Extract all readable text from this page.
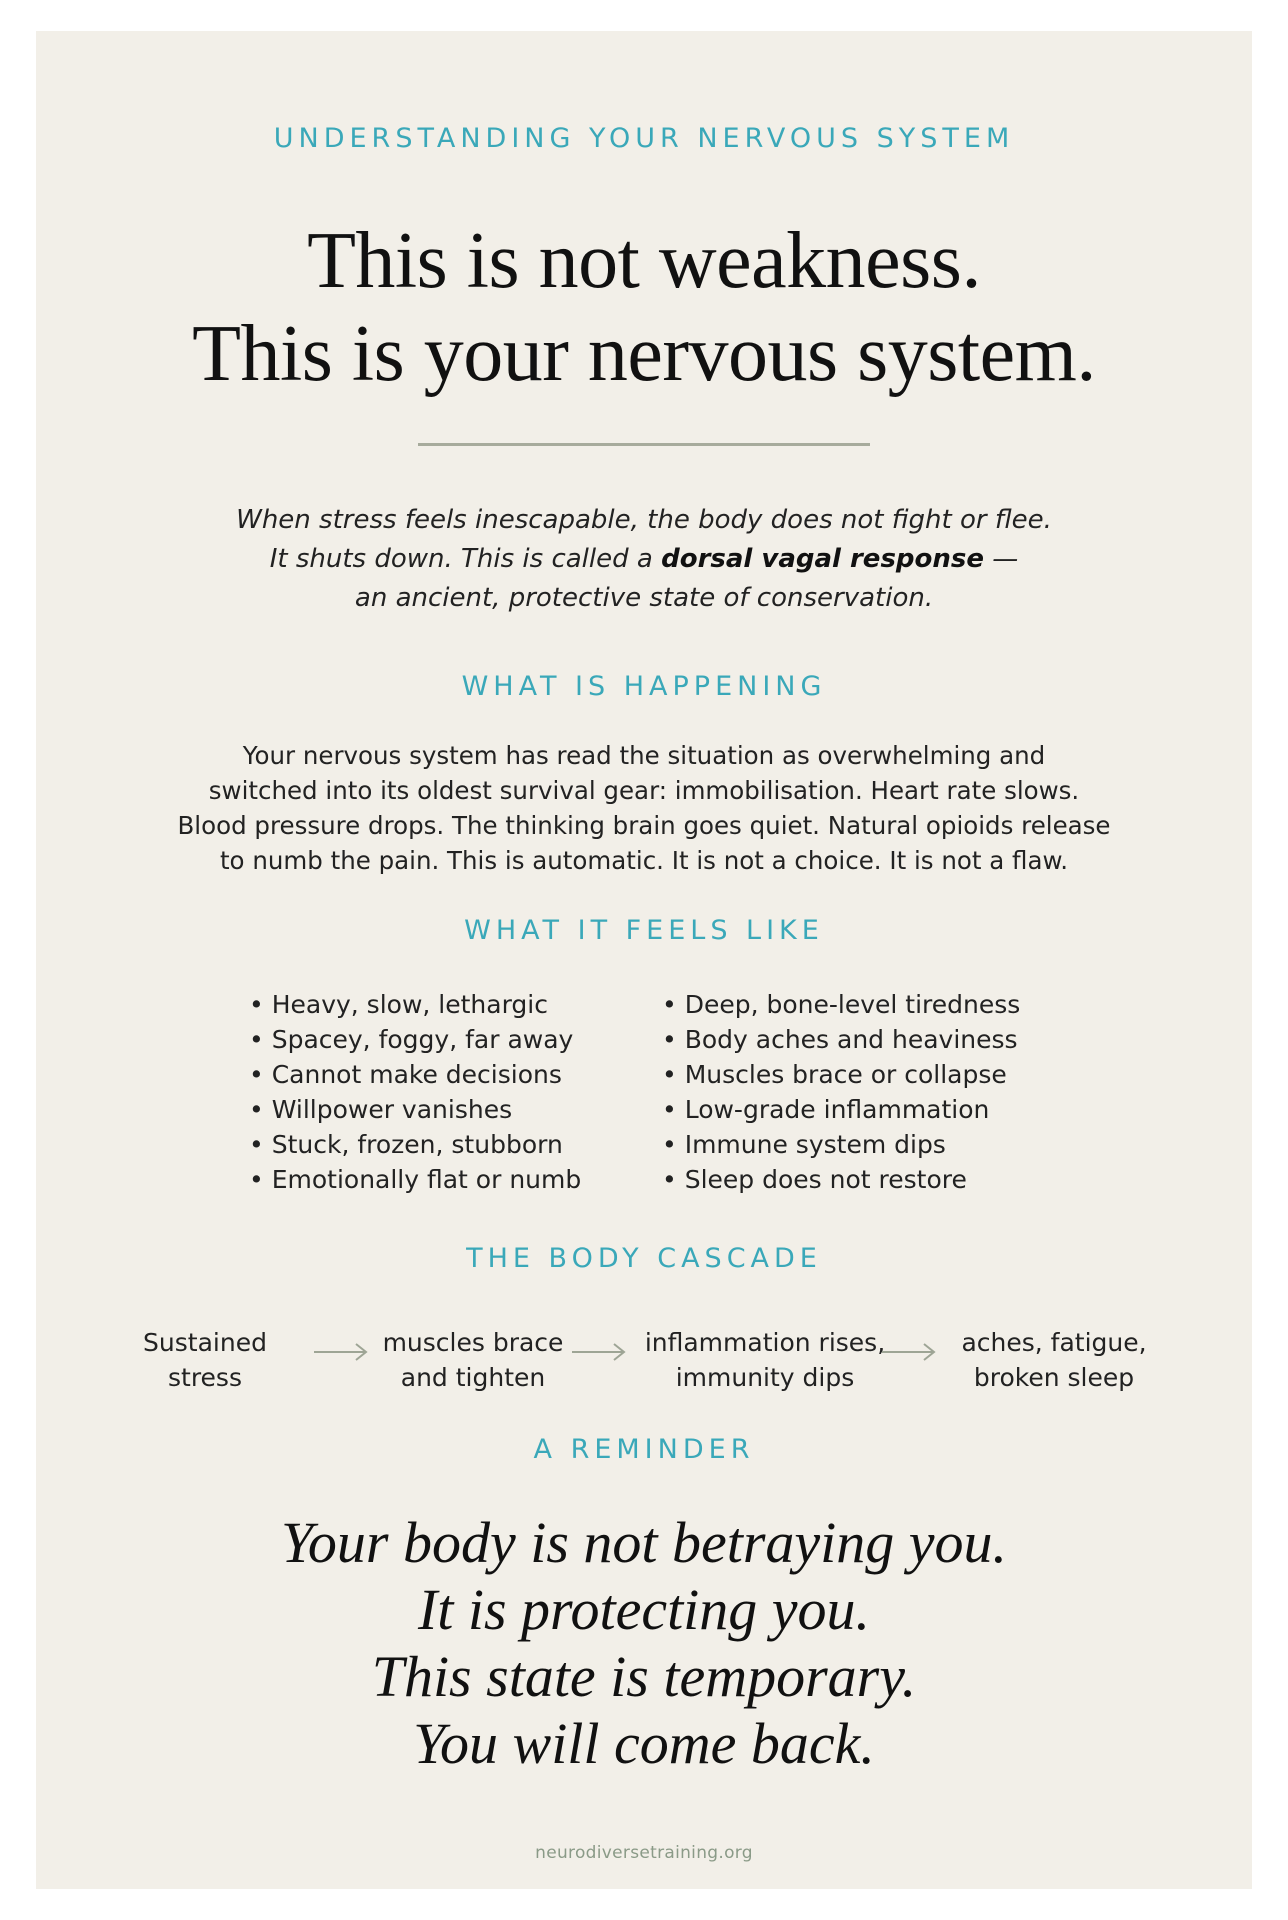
UNDERSTANDING YOUR NERVOUS SYSTEM
This is not weakness.
This is your nervous system.
When stress feels inescapable, the body does not fight or flee.
It shuts down. This is called a dorsal vagal response —
an ancient, protective state of conservation.
WHAT IS HAPPENING
Your nervous system has read the situation as overwhelming and
switched into its oldest survival gear: immobilisation. Heart rate slows.
Blood pressure drops. The thinking brain goes quiet. Natural opioids release
to numb the pain. This is automatic. It is not a choice. It is not a flaw.
WHAT IT FEELS LIKE
• Heavy, slow, lethargic
• Spacey, foggy, far away
• Cannot make decisions
• Willpower vanishes
• Stuck, frozen, stubborn
• Emotionally flat or numb
• Deep, bone-level tiredness
• Body aches and heaviness
• Muscles brace or collapse
• Low-grade inflammation
• Immune system dips
• Sleep does not restore
THE BODY CASCADE
Sustained
stress
muscles brace
and tighten
inflammation rises,
immunity dips
aches, fatigue,
broken sleep
A REMINDER
Your body is not betraying you.
It is protecting you.
This state is temporary.
You will come back.
neurodiversetraining.org
